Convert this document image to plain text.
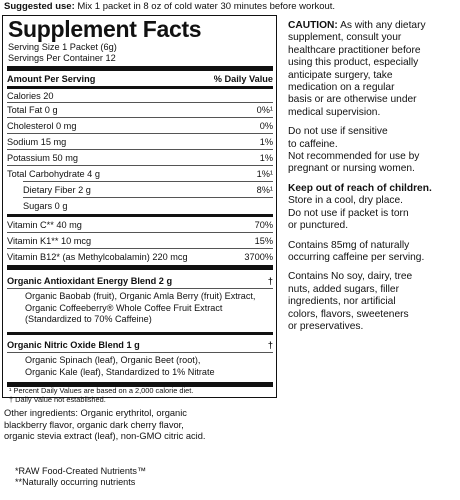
Suggested use: Mix 1 packet in 8 oz of cold water 30 minutes before workout.
Supplement Facts
Serving Size 1 Packet (6g)
Servings Per Container 12
Amount Per Serving	% Daily Value
Calories 20
Total Fat 0 g	0%¹
Cholesterol 0 mg	0%
Sodium 15 mg	1%
Potassium 50 mg	1%
Total Carbohydrate 4 g	1%¹
Dietary Fiber 2 g	8%¹
Sugars 0 g
Vitamin C** 40 mg	70%
Vitamin K1** 10 mcg	15%
Vitamin B12* (as Methylcobalamin) 220 mcg	3700%
Organic Antioxidant Energy Blend 2 g	†
Organic Baobab (fruit), Organic Amla Berry (fruit) Extract,
Organic Coffeeberry® Whole Coffee Fruit Extract
(Standardized to 70% Caffeine)
Organic Nitric Oxide Blend 1 g	†
Organic Spinach (leaf), Organic Beet (root),
Organic Kale (leaf), Standardized to 1% Nitrate
¹ Percent Daily Values are based on a 2,000 calorie diet.
† Daily Value not established.
Other ingredients: Organic erythritol, organic
blackberry flavor, organic dark cherry flavor,
organic stevia extract (leaf), non-GMO citric acid.
*RAW Food-Created Nutrients™
**Naturally occurring nutrients
CAUTION: As with any dietary
supplement, consult your
healthcare practitioner before
using this product, especially
anticipate surgery, take
medication on a regular
basis or are otherwise under
medical supervision.
Do not use if sensitive
to caffeine.
Not recommended for use by
pregnant or nursing women.
Keep out of reach of children.
Store in a cool, dry place.
Do not use if packet is torn
or punctured.
Contains 85mg of naturally
occurring caffeine per serving.
Contains No soy, dairy, tree
nuts, added sugars, filler
ingredients, nor artificial
colors, flavors, sweeteners
or preservatives.
